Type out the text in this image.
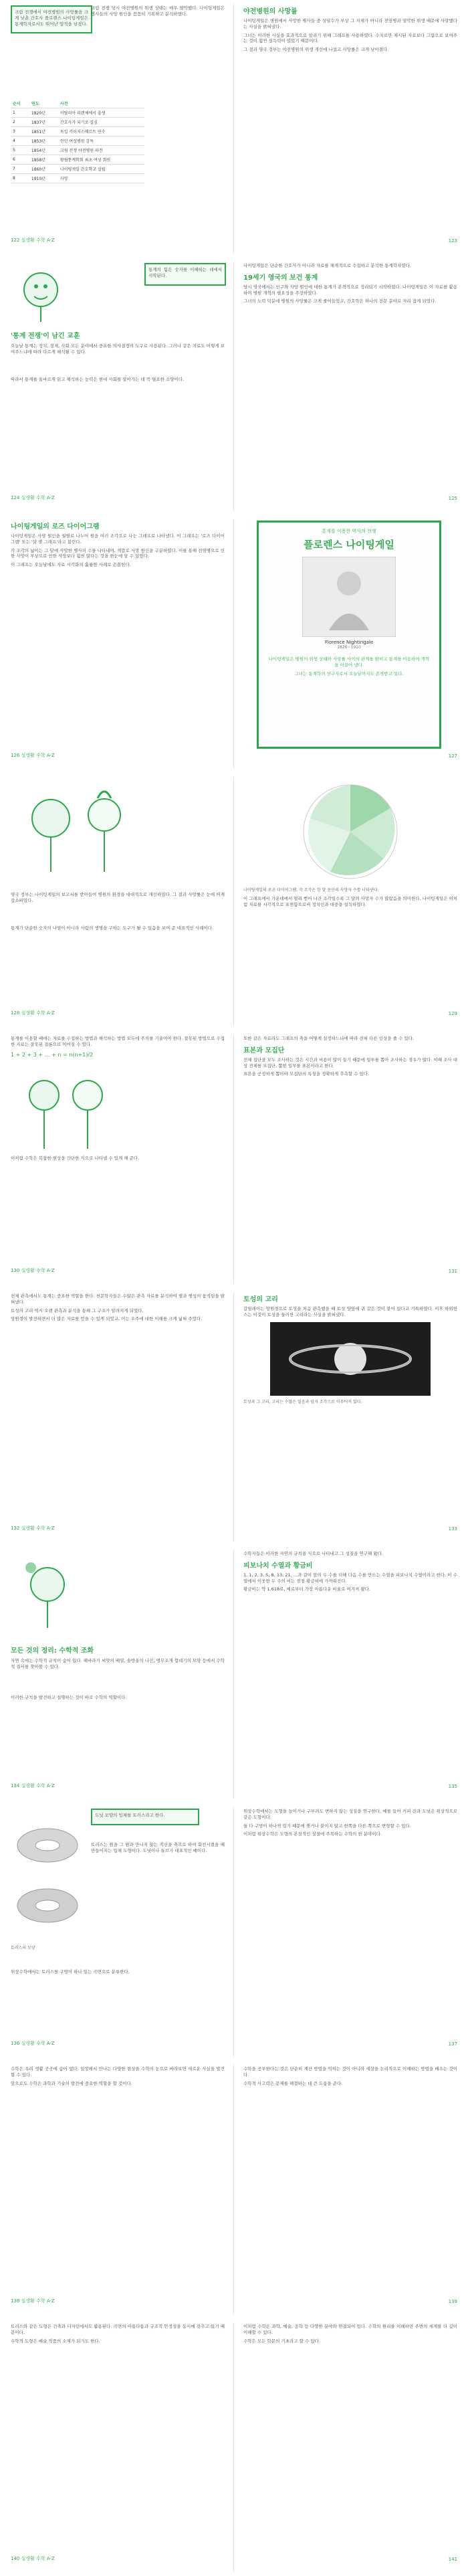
크림 전쟁에서 야전병원의 사망률을 크게 낮춘 간호사 플로렌스 나이팅게일은 통계학자로서도 뛰어난 업적을 남겼다.
크림 전쟁 당시 야전병원의 위생 상태는 매우 열악했다. 나이팅게일은 병사들의 사망 원인을 꼼꼼히 기록하고 분석하였다.
순서	연도	사건
1	1820년	이탈리아 피렌체에서 출생
2	1837년	간호사가 되기로 결심
3	1851년	독일 카이저스베르트 연수
4	1853년	런던 여성병원 감독
5	1854년	크림 전쟁 야전병원 파견
6	1858년	왕립통계학회 최초 여성 회원
7	1860년	나이팅게일 간호학교 설립
8	1910년	사망
122 실생활 수학 A-Z
야전병원의 사망률
나이팅게일은 병원에서 사망한 병사들 중 상당수가 부상 그 자체가 아니라 전염병과 열악한 위생 때문에 사망했다는 사실을 밝혀냈다.
그녀는 이러한 사실을 효과적으로 알리기 위해 그래프를 사용하였다. 수치로만 제시된 자료보다 그림으로 보여주는 것이 훨씬 설득력이 있었기 때문이다.
그 결과 영국 정부는 야전병원의 위생 개선에 나섰고 사망률은 크게 낮아졌다.
123
통계의 힘은 숫자를 이해하는 데에서 시작된다.
'통계 전쟁'이 남긴 교훈
오늘날 통계는 정치, 경제, 사회 모든 분야에서 중요한 의사결정의 도구로 사용된다. 그러나 같은 자료도 어떻게 보여주느냐에 따라 다르게 해석될 수 있다.
따라서 통계를 올바르게 읽고 해석하는 능력은 현대 사회를 살아가는 데 꼭 필요한 소양이다.
124 실생활 수학 A-Z
나이팅게일은 단순한 간호사가 아니라 자료를 체계적으로 수집하고 분석한 통계학자였다.
19세기 영국의 보건 통계
당시 영국에서는 인구와 사망 원인에 대한 통계가 본격적으로 정리되기 시작하였다. 나이팅게일은 이 자료를 활용하여 병원 개혁의 필요성을 주장하였다.
그녀의 노력 덕분에 병원의 사망률은 크게 줄어들었고, 간호학은 하나의 전문 분야로 자리 잡게 되었다.
125
나이팅게일의 로즈 다이어그램
나이팅게일은 사망 원인을 월별로 나누어 원을 여러 조각으로 나눈 그래프로 나타냈다. 이 그래프는 '로즈 다이어그램' 또는 '닭 볏 그래프'라고 불린다.
각 조각의 넓이는 그 달에 사망한 병사의 수를 나타내며, 색깔로 사망 원인을 구분하였다. 이를 통해 전염병으로 인한 사망이 부상으로 인한 사망보다 훨씬 많다는 것을 한눈에 알 수 있었다.
이 그래프는 오늘날에도 자료 시각화의 훌륭한 사례로 손꼽힌다.
126 실생활 수학 A-Z
통계를 이용한 역사의 전쟁
플로렌스 나이팅게일
Florence Nightingale
1820~1910
나이팅게일은 병원의 위생 상태와 사망률 사이의 관계를 밝히고 통계를 이용하여 개혁을 이끌어 냈다.
그녀는 통계학의 선구자로서 오늘날까지도 존경받고 있다.
127
영국 정부는 나이팅게일의 보고서를 받아들여 병원의 환경을 대대적으로 개선하였다. 그 결과 사망률은 눈에 띄게 감소하였다.
통계가 단순한 숫자의 나열이 아니라 사람의 생명을 구하는 도구가 될 수 있음을 보여 준 대표적인 사례이다.
128 실생활 수학 A-Z
나이팅게일의 로즈 다이어그램. 각 조각은 한 달 동안의 사망자 수를 나타낸다.
이 그래프에서 가운데에서 멀리 뻗어 나간 조각일수록 그 달의 사망자 수가 많았음을 의미한다. 나이팅게일은 이처럼 자료를 시각적으로 표현함으로써 정치인과 대중을 설득하였다.
129
통계를 이용할 때에는 자료를 수집하는 방법과 해석하는 방법 모두에 주의를 기울여야 한다. 잘못된 방법으로 수집한 자료는 잘못된 결론으로 이어질 수 있다.
1 + 2 + 3 + … + n = n(n+1)/2
이처럼 수학은 복잡한 현상을 간단한 식으로 나타낼 수 있게 해 준다.
130 실생활 수학 A-Z
또한 같은 자료라도 그래프의 축을 어떻게 설정하느냐에 따라 전혀 다른 인상을 줄 수 있다.
표본과 모집단
전체 집단을 모두 조사하는 것은 시간과 비용이 많이 들기 때문에 일부를 뽑아 조사하는 경우가 많다. 이때 조사 대상 전체를 모집단, 뽑힌 일부를 표본이라고 한다.
표본을 공정하게 뽑아야 모집단의 특성을 정확하게 추측할 수 있다.
131
천체 관측에서도 통계는 중요한 역할을 한다. 천문학자들은 수많은 관측 자료를 분석하여 별과 행성의 움직임을 밝혀냈다.
토성의 고리 역시 오랜 관측과 분석을 통해 그 구조가 알려지게 되었다.
망원경이 발전하면서 더 많은 자료를 얻을 수 있게 되었고, 이는 우주에 대한 이해를 크게 넓혀 주었다.
132 실생활 수학 A-Z
토성의 고리
갈릴레이는 망원경으로 토성을 처음 관측했을 때 토성 양옆에 귀 같은 것이 붙어 있다고 기록하였다. 이후 하위헌스는 이것이 토성을 둘러싼 고리라는 사실을 밝혀냈다.
토성과 그 고리. 고리는 수많은 얼음과 암석 조각으로 이루어져 있다.
133
모든 것의 정리: 수학적 조화
자연 속에는 수학적 규칙이 숨어 있다. 해바라기 씨앗의 배열, 솔방울의 나선, 앵무조개 껍데기의 모양 등에서 수학적 질서를 찾아볼 수 있다.
이러한 규칙을 발견하고 설명하는 것이 바로 수학의 역할이다.
134 실생활 수학 A-Z
수학자들은 이러한 자연의 규칙을 식으로 나타내고 그 성질을 연구해 왔다.
피보나치 수열과 황금비
1, 1, 2, 3, 5, 8, 13, 21, …과 같이 앞의 두 수를 더해 다음 수를 만드는 수열을 피보나치 수열이라고 한다. 이 수열에서 이웃한 두 수의 비는 점점 황금비에 가까워진다.
황금비는 약 1.618로, 예로부터 가장 아름다운 비율로 여겨져 왔다.
135
도넛 모양의 입체를 토러스라고 한다.
토러스의 모양
토러스는 원을 그 원과 만나지 않는 직선을 축으로 하여 회전시켰을 때 만들어지는 입체 도형이다. 도넛이나 튜브가 대표적인 예이다.
위상수학에서는 토러스를 구멍이 하나 있는 곡면으로 분류한다.
136 실생활 수학 A-Z
위상수학에서는 도형을 늘이거나 구부려도 변하지 않는 성질을 연구한다. 예를 들어 커피 잔과 도넛은 위상적으로 같은 도형이다.
둘 다 구멍이 하나씩 있기 때문에 찢거나 붙이지 않고 한쪽을 다른 쪽으로 변형할 수 있다.
이처럼 위상수학은 도형의 본질적인 성질에 주목하는 수학의 한 분야이다.
137
수학은 우리 생활 곳곳에 숨어 있다. 일상에서 만나는 다양한 현상을 수학의 눈으로 바라보면 새로운 사실을 발견할 수 있다.
앞으로도 수학은 과학과 기술의 발전에 중요한 역할을 할 것이다.
138 실생활 수학 A-Z
수학을 공부한다는 것은 단순히 계산 방법을 익히는 것이 아니라 세상을 논리적으로 이해하는 방법을 배우는 것이다.
수학적 사고력은 문제를 해결하는 데 큰 도움을 준다.
139
토러스와 같은 도형은 건축과 디자인에서도 활용된다. 곡면의 아름다움과 구조적 안정성을 동시에 갖추고 있기 때문이다.
수학적 도형은 예술 작품의 소재가 되기도 한다.
140 실생활 수학 A-Z
이처럼 수학은 과학, 예술, 공학 등 다양한 분야와 연결되어 있다. 수학의 원리를 이해하면 주변의 세계를 더 깊이 이해할 수 있다.
수학은 모든 학문의 기초라고 할 수 있다.
141
